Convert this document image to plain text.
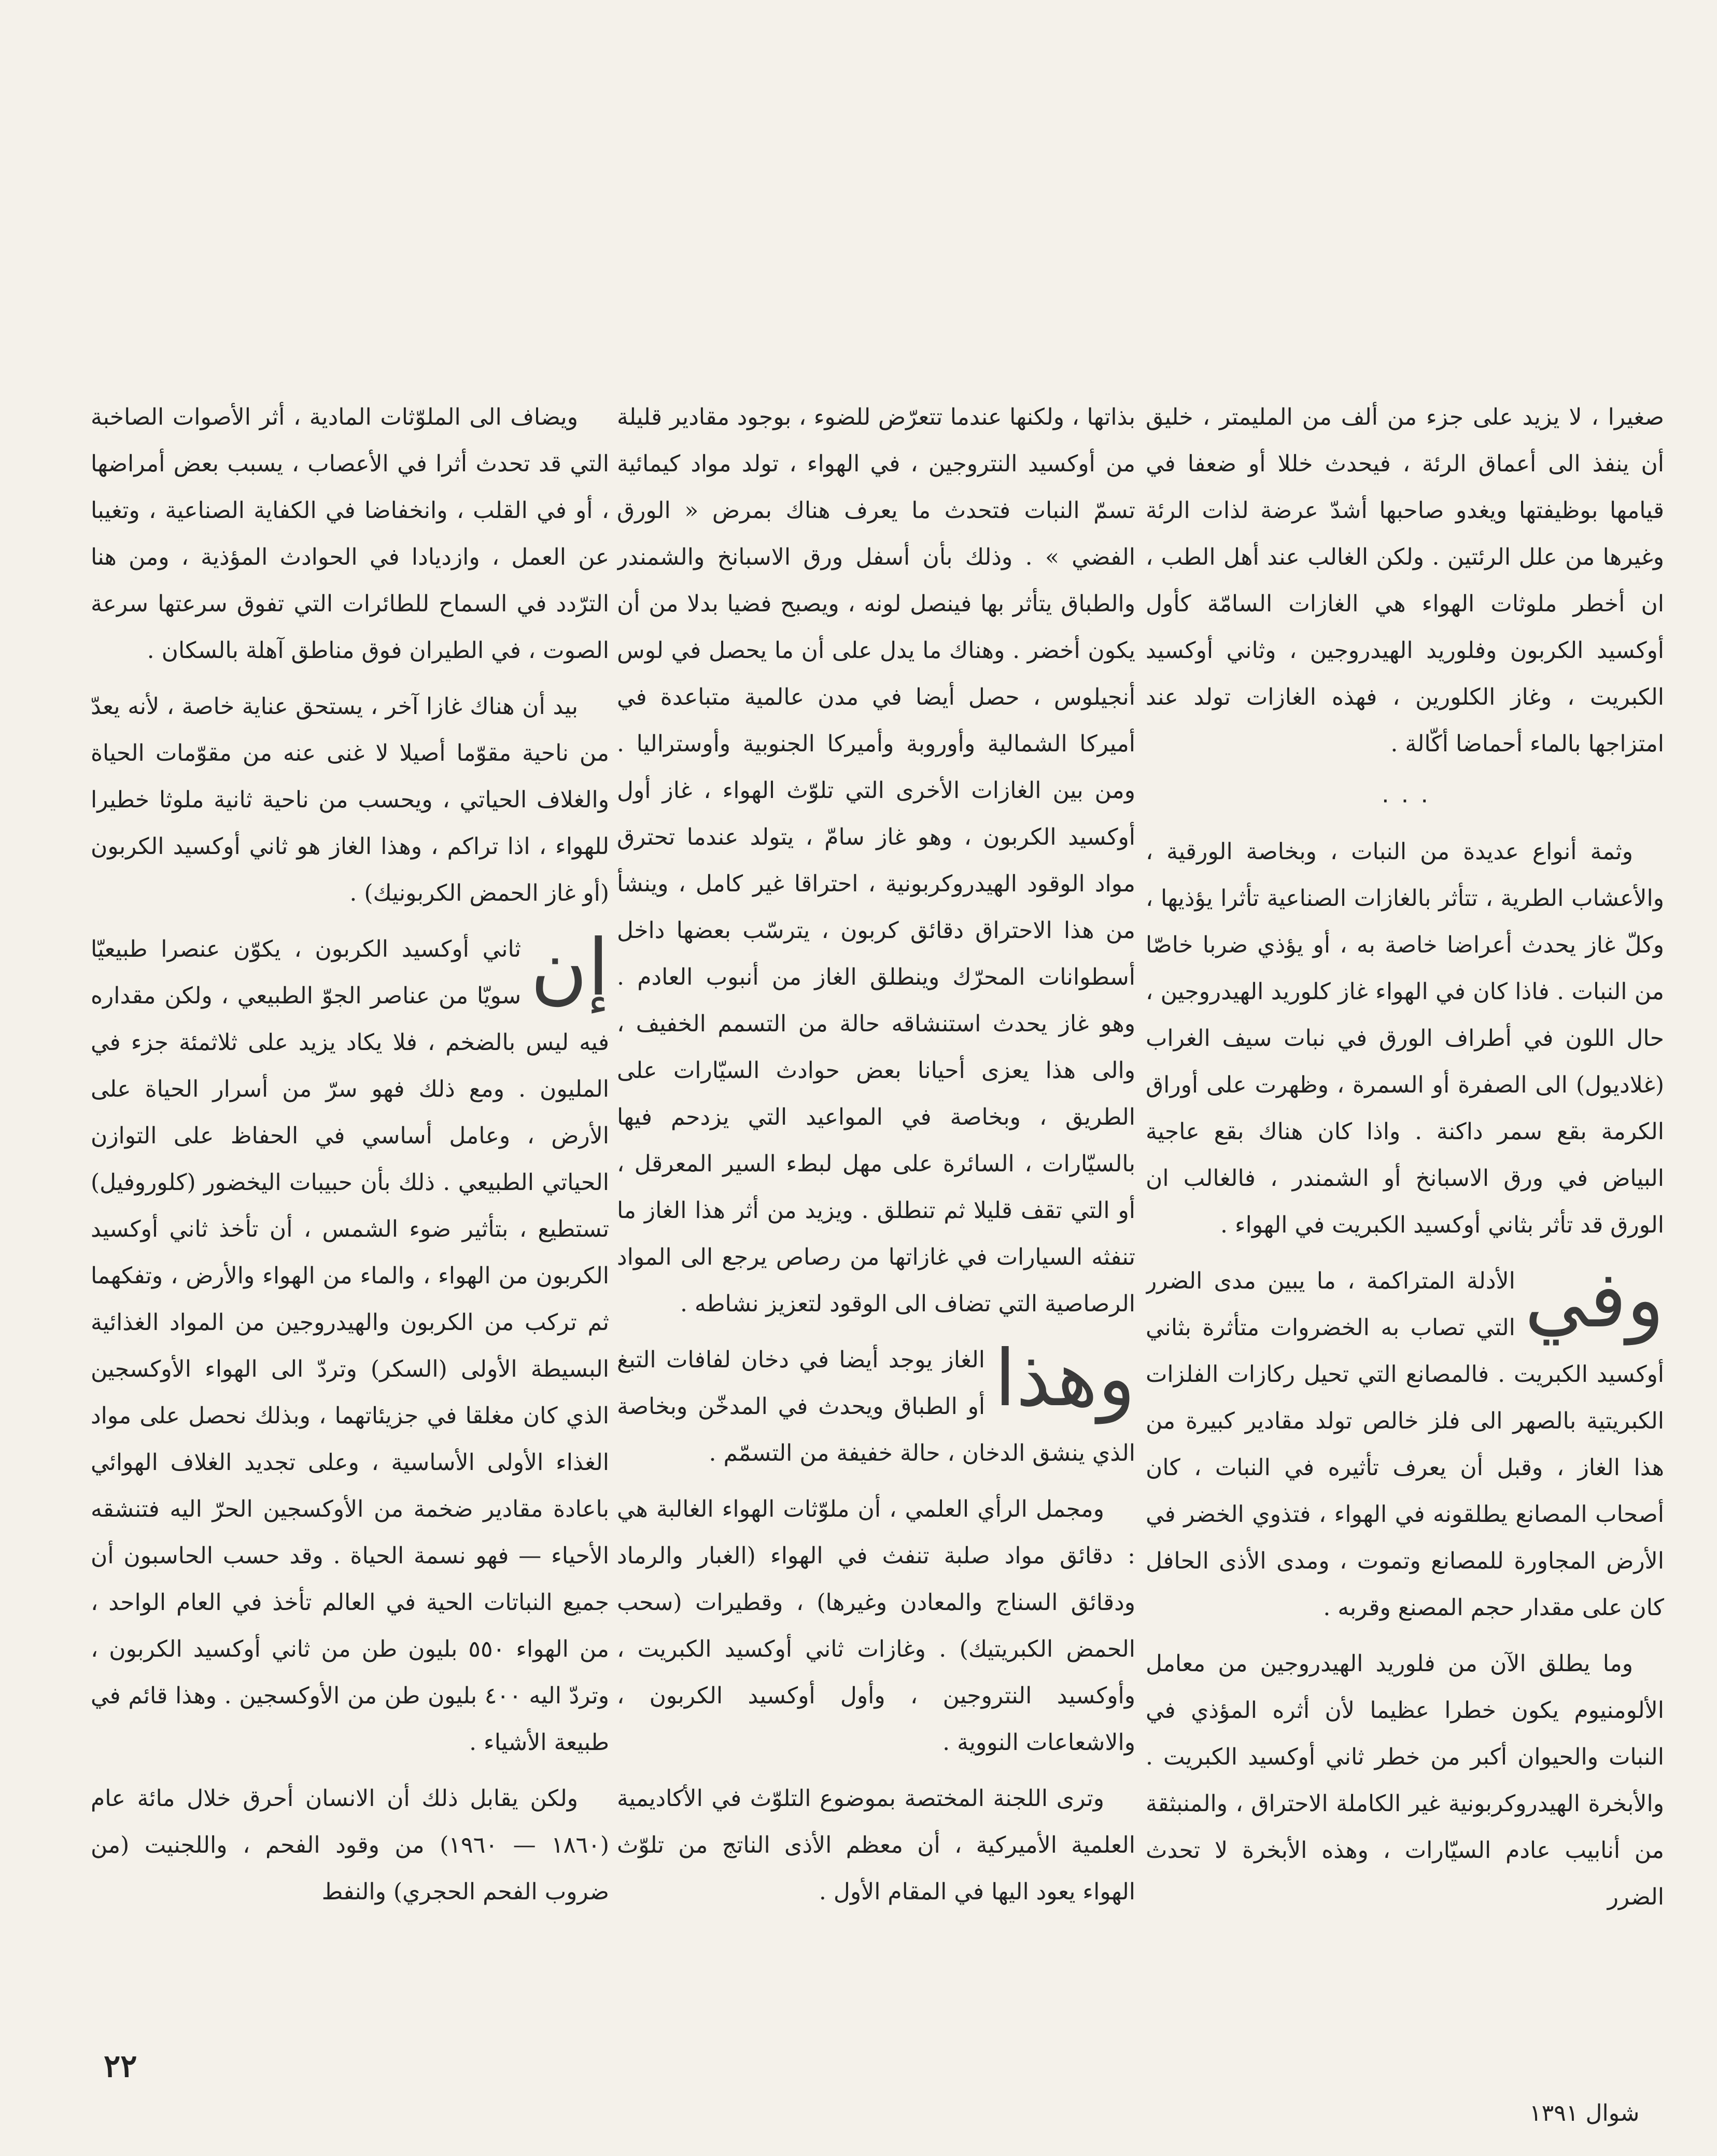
صغيرا ، لا يزيد على جزء من ألف من المليمتر ، خليق أن ينفذ الى أعماق الرئة ، فيحدث خللا أو ضعفا في قيامها بوظيفتها ويغدو صاحبها أشدّ عرضة لذات الرئة وغيرها من علل الرئتين . ولكن الغالب عند أهل الطب ، ان أخطر ملوثات الهواء هي الغازات السامّة كأول أوكسيد الكربون وفلوريد الهيدروجين ، وثاني أوكسيد الكبريت ، وغاز الكلورين ، فهذه الغازات تولد عند امتزاجها بالماء أحماضا أكّالة .

٠ ٠ ٠

وثمة أنواع عديدة من النبات ، وبخاصة الورقية ، والأعشاب الطرية ، تتأثر بالغازات الصناعية تأثرا يؤذيها ، وكلّ غاز يحدث أعراضا خاصة به ، أو يؤذي ضربا خاصّا من النبات . فاذا كان في الهواء غاز كلوريد الهيدروجين ، حال اللون في أطراف الورق في نبات سيف الغراب (غلاديول) الى الصفرة أو السمرة ، وظهرت على أوراق الكرمة بقع سمر داكنة . واذا كان هناك بقع عاجية البياض في ورق الاسبانخ أو الشمندر ، فالغالب ان الورق قد تأثر بثاني أوكسيد الكبريت في الهواء .

وفي
الأدلة المتراكمة ، ما يبين مدى الضرر التي تصاب به الخضروات متأثرة بثاني أوكسيد الكبريت . فالمصانع التي تحيل ركازات الفلزات الكبريتية بالصهر الى فلز خالص تولد مقادير كبيرة من هذا الغاز ، وقبل أن يعرف تأثيره في النبات ، كان أصحاب المصانع يطلقونه في الهواء ، فتذوي الخضر في الأرض المجاورة للمصانع وتموت ، ومدى الأذى الحافل كان على مقدار حجم المصنع وقربه .

وما يطلق الآن من فلوريد الهيدروجين من معامل الألومنيوم يكون خطرا عظيما لأن أثره المؤذي في النبات والحيوان أكبر من خطر ثاني أوكسيد الكبريت . والأبخرة الهيدروكربونية غير الكاملة الاحتراق ، والمنبثقة من أنابيب عادم السيّارات ، وهذه الأبخرة لا تحدث الضرر

بذاتها ، ولكنها عندما تتعرّض للضوء ، بوجود مقادير قليلة من أوكسيد النتروجين ، في الهواء ، تولد مواد كيمائية تسمّ النبات فتحدث ما يعرف هناك بمرض « الورق الفضي » . وذلك بأن أسفل ورق الاسبانخ والشمندر والطباق يتأثر بها فينصل لونه ، ويصبح فضيا بدلا من أن يكون أخضر . وهناك ما يدل على أن ما يحصل في لوس أنجيلوس ، حصل أيضا في مدن عالمية متباعدة في أميركا الشمالية وأوروبة وأميركا الجنوبية وأوستراليا . ومن بين الغازات الأخرى التي تلوّث الهواء ، غاز أول أوكسيد الكربون ، وهو غاز سامّ ، يتولد عندما تحترق مواد الوقود الهيدروكربونية ، احتراقا غير كامل ، وينشأ من هذا الاحتراق دقائق كربون ، يترسّب بعضها داخل أسطوانات المحرّك وينطلق الغاز من أنبوب العادم . وهو غاز يحدث استنشاقه حالة من التسمم الخفيف ، والى هذا يعزى أحيانا بعض حوادث السيّارات على الطريق ، وبخاصة في المواعيد التي يزدحم فيها بالسيّارات ، السائرة على مهل لبطء السير المعرقل ، أو التي تقف قليلا ثم تنطلق . ويزيد من أثر هذا الغاز ما تنفثه السيارات في غازاتها من رصاص يرجع الى المواد الرصاصية التي تضاف الى الوقود لتعزيز نشاطه .

وهذا
الغاز يوجد أيضا في دخان لفافات التبغ أو الطباق ويحدث في المدخّن وبخاصة الذي ينشق الدخان ، حالة خفيفة من التسمّم .

ومجمل الرأي العلمي ، أن ملوّثات الهواء الغالبة هي : دقائق مواد صلبة تنفث في الهواء (الغبار والرماد ودقائق السناج والمعادن وغيرها) ، وقطيرات (سحب الحمض الكبريتيك) . وغازات ثاني أوكسيد الكبريت ، وأوكسيد النتروجين ، وأول أوكسيد الكربون ، والاشعاعات النووية .

وترى اللجنة المختصة بموضوع التلوّث في الأكاديمية العلمية الأميركية ، أن معظم الأذى الناتج من تلوّث الهواء يعود اليها في المقام الأول .

ويضاف الى الملوّثات المادية ، أثر الأصوات الصاخبة التي قد تحدث أثرا في الأعصاب ، يسبب بعض أمراضها ، أو في القلب ، وانخفاضا في الكفاية الصناعية ، وتغيبا عن العمل ، وازديادا في الحوادث المؤذية ، ومن هنا الترّدد في السماح للطائرات التي تفوق سرعتها سرعة الصوت ، في الطيران فوق مناطق آهلة بالسكان .

بيد أن هناك غازا آخر ، يستحق عناية خاصة ، لأنه يعدّ من ناحية مقوّما أصيلا لا غنى عنه من مقوّمات الحياة والغلاف الحياتي ، ويحسب من ناحية ثانية ملوثا خطيرا للهواء ، اذا تراكم ، وهذا الغاز هو ثاني أوكسيد الكربون (أو غاز الحمض الكربونيك) .

إن
ثاني أوكسيد الكربون ، يكوّن عنصرا طبيعيّا سويّا من عناصر الجوّ الطبيعي ، ولكن مقداره فيه ليس بالضخم ، فلا يكاد يزيد على ثلاثمئة جزء في المليون . ومع ذلك فهو سرّ من أسرار الحياة على الأرض ، وعامل أساسي في الحفاظ على التوازن الحياتي الطبيعي . ذلك بأن حبيبات اليخضور (كلوروفيل) تستطيع ، بتأثير ضوء الشمس ، أن تأخذ ثاني أوكسيد الكربون من الهواء ، والماء من الهواء والأرض ، وتفكهما ثم تركب من الكربون والهيدروجين من المواد الغذائية البسيطة الأولى (السكر) وتردّ الى الهواء الأوكسجين الذي كان مغلقا في جزيئاتهما ، وبذلك نحصل على مواد الغذاء الأولى الأساسية ، وعلى تجديد الغلاف الهوائي باعادة مقادير ضخمة من الأوكسجين الحرّ اليه فتنشقه الأحياء — فهو نسمة الحياة . وقد حسب الحاسبون أن جميع النباتات الحية في العالم تأخذ في العام الواحد ، من الهواء ٥٥٠ بليون طن من ثاني أوكسيد الكربون ، وتردّ اليه ٤٠٠ بليون طن من الأوكسجين . وهذا قائم في طبيعة الأشياء .

ولكن يقابل ذلك أن الانسان أحرق خلال مائة عام (١٨٦٠ — ١٩٦٠) من وقود الفحم ، واللجنيت (من ضروب الفحم الحجري) والنفط

٢٢
شوال ١٣٩١
